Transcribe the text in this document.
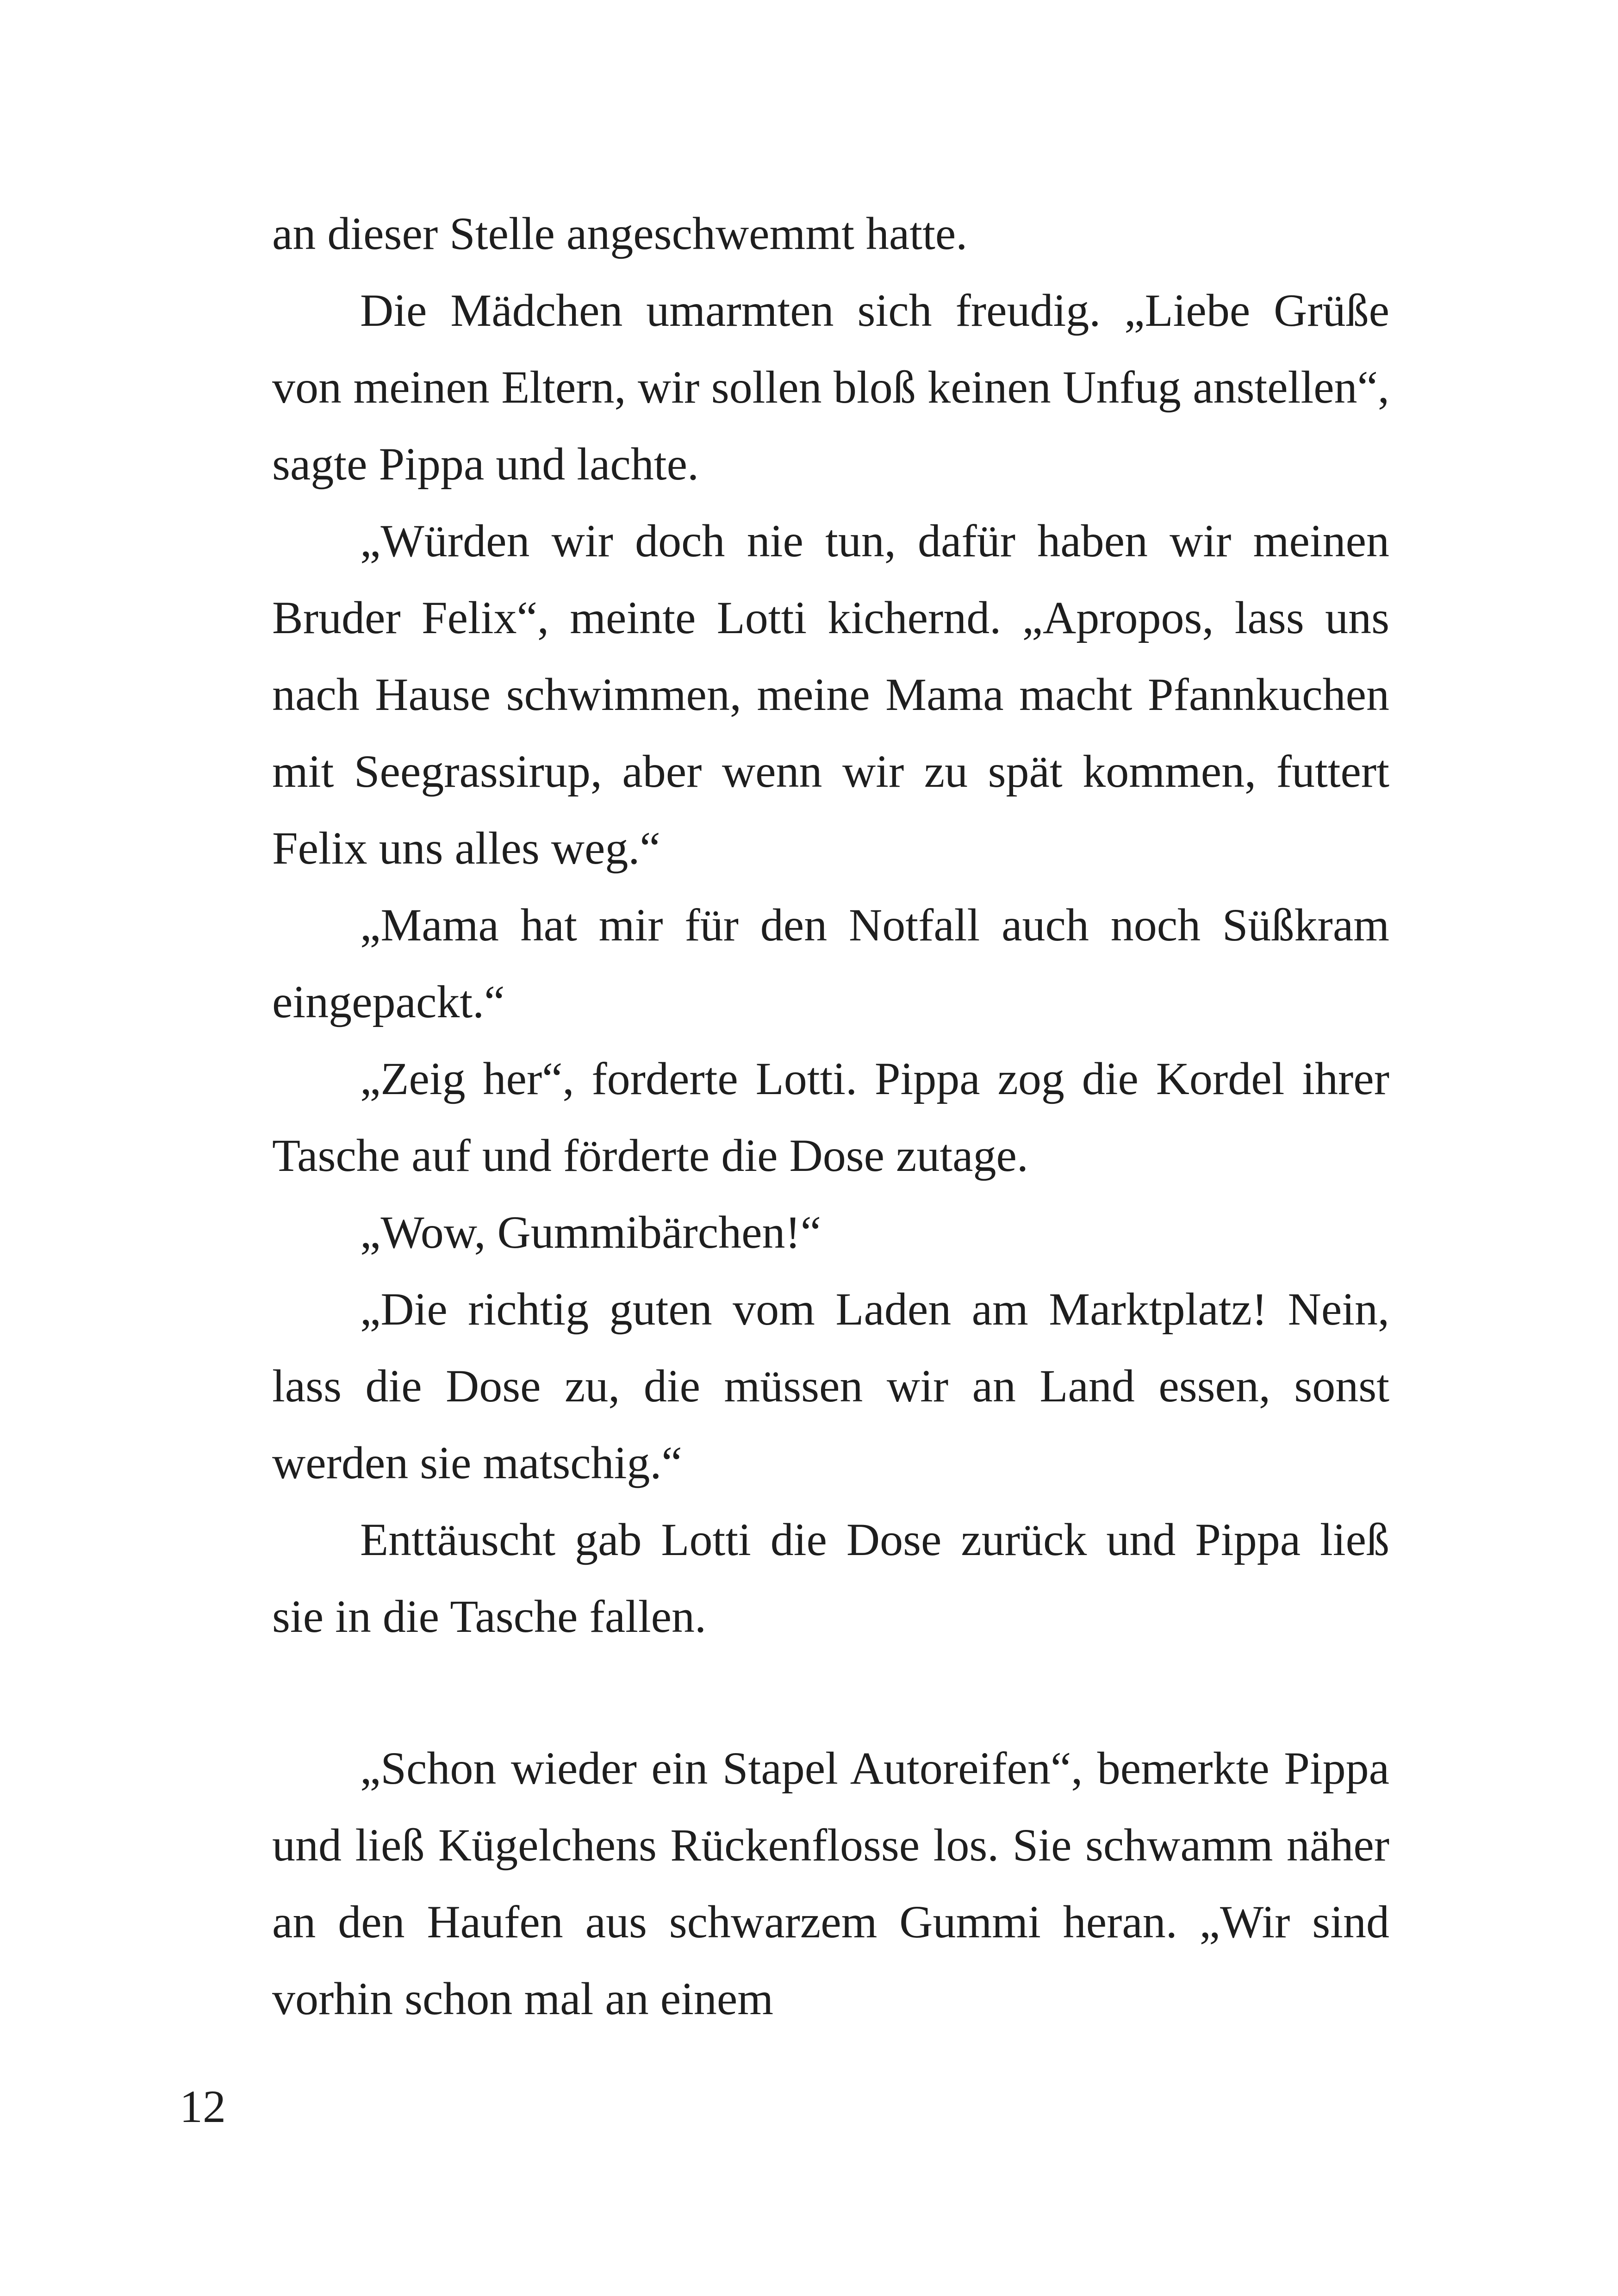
an dieser Stelle angeschwemmt hatte.

Die Mädchen umarmten sich freudig. „Liebe Grüße von meinen Eltern, wir sollen bloß keinen Unfug anstellen“, sagte Pippa und lachte.

„Würden wir doch nie tun, dafür haben wir meinen Bruder Felix“, meinte Lotti kichernd. „Apropos, lass uns nach Hause schwimmen, meine Mama macht Pfannkuchen mit Seegrassirup, aber wenn wir zu spät kommen, futtert Felix uns alles weg.“

„Mama hat mir für den Notfall auch noch Süßkram eingepackt.“

„Zeig her“, forderte Lotti. Pippa zog die Kordel ihrer Tasche auf und förderte die Dose zutage.

„Wow, Gummibärchen!“

„Die richtig guten vom Laden am Marktplatz! Nein, lass die Dose zu, die müssen wir an Land essen, sonst werden sie matschig.“

Enttäuscht gab Lotti die Dose zurück und Pippa ließ sie in die Tasche fallen.

„Schon wieder ein Stapel Autoreifen“, bemerkte Pippa und ließ Kügelchens Rückenflosse los. Sie schwamm näher an den Haufen aus schwarzem Gummi heran. „Wir sind vorhin schon mal an einem

12
